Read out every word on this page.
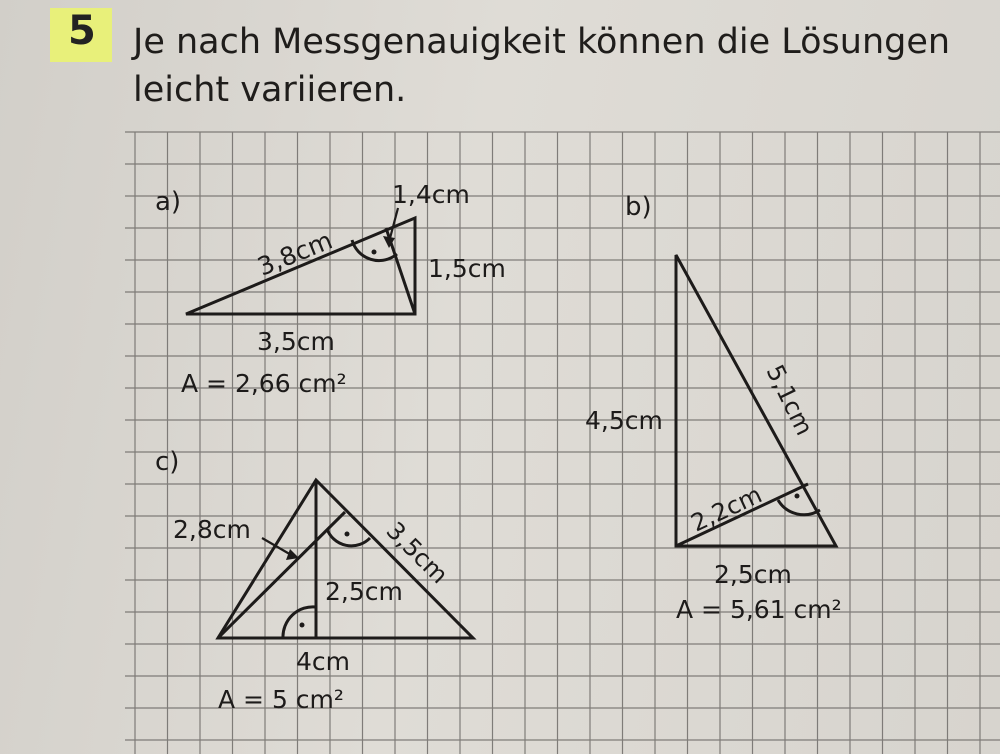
5 Je nach Messgenauigkeit können die Lösungen leicht variieren.
a)	b)
c)
1,4cm
3,8cm	1,5cm
3,5cm
A = 2,66 cm²
4,5cm	5,1cm
2,2cm
2,5cm
A = 5,61 cm²
2,8cm	3,5cm
2,5cm
4cm
A = 5 cm²
